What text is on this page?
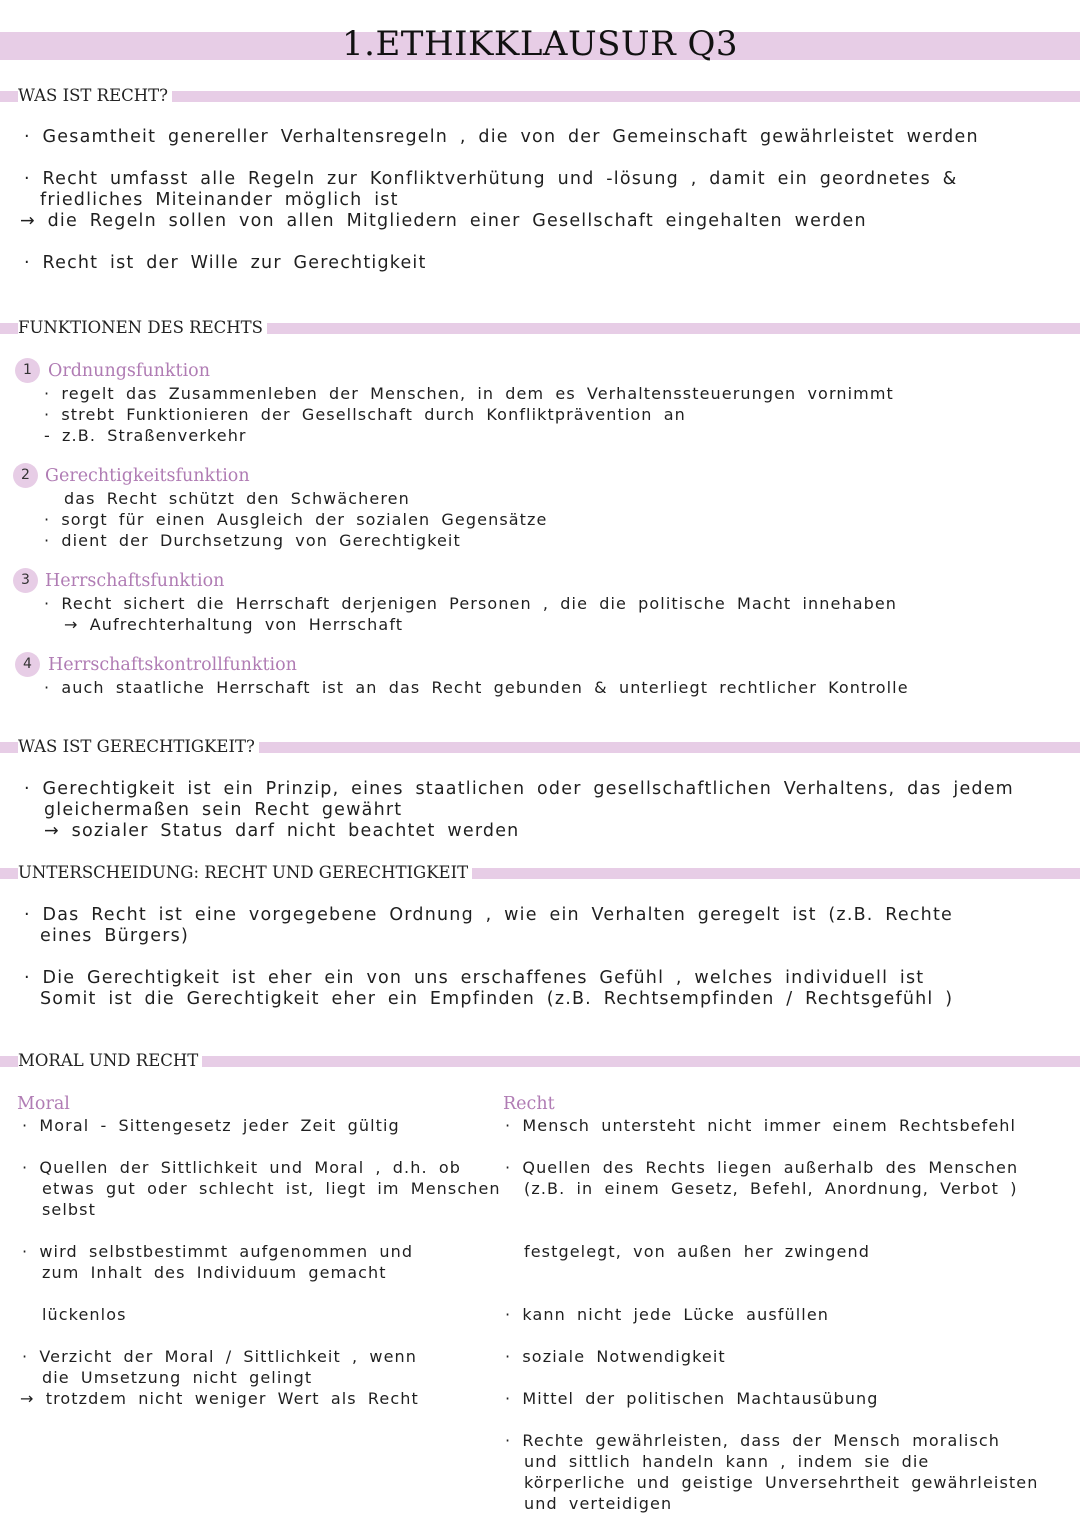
1.ETHIKKLAUSUR Q3
WAS IST RECHT?
· Gesamtheit genereller Verhaltensregeln , die von der Gemeinschaft gewährleistet werden
· Recht umfasst alle Regeln zur Konfliktverhütung und -lösung , damit ein geordnetes &
friedliches Miteinander möglich ist
→ die Regeln sollen von allen Mitgliedern einer Gesellschaft eingehalten werden
· Recht ist der Wille zur Gerechtigkeit
FUNKTIONEN DES RECHTS
1 Ordnungsfunktion
· regelt das Zusammenleben der Menschen, in dem es Verhaltenssteuerungen vornimmt
· strebt Funktionieren der Gesellschaft durch Konfliktprävention an
- z.B. Straßenverkehr
2 Gerechtigkeitsfunktion
das Recht schützt den Schwächeren
· sorgt für einen Ausgleich der sozialen Gegensätze
· dient der Durchsetzung von Gerechtigkeit
3 Herrschaftsfunktion
· Recht sichert die Herrschaft derjenigen Personen , die die politische Macht innehaben
→ Aufrechterhaltung von Herrschaft
4 Herrschaftskontrollfunktion
· auch staatliche Herrschaft ist an das Recht gebunden & unterliegt rechtlicher Kontrolle
WAS IST GERECHTIGKEIT?
· Gerechtigkeit ist ein Prinzip, eines staatlichen oder gesellschaftlichen Verhaltens, das jedem
gleichermaßen sein Recht gewährt
→ sozialer Status darf nicht beachtet werden
UNTERSCHEIDUNG: RECHT UND GERECHTIGKEIT
· Das Recht ist eine vorgegebene Ordnung , wie ein Verhalten geregelt ist (z.B. Rechte
eines Bürgers)
· Die Gerechtigkeit ist eher ein von uns erschaffenes Gefühl , welches individuell ist
Somit ist die Gerechtigkeit eher ein Empfinden (z.B. Rechtsempfinden / Rechtsgefühl )
MORAL UND RECHT
Moral	Recht
· Moral - Sittengesetz jeder Zeit gültig
· Quellen der Sittlichkeit und Moral , d.h. ob
etwas gut oder schlecht ist, liegt im Menschen
selbst
· wird selbstbestimmt aufgenommen und
zum Inhalt des Individuum gemacht
lückenlos
· Verzicht der Moral / Sittlichkeit , wenn
die Umsetzung nicht gelingt
→ trotzdem nicht weniger Wert als Recht
· Mensch untersteht nicht immer einem Rechtsbefehl
· Quellen des Rechts liegen außerhalb des Menschen
(z.B. in einem Gesetz, Befehl, Anordnung, Verbot )
festgelegt, von außen her zwingend
· kann nicht jede Lücke ausfüllen
· soziale Notwendigkeit
· Mittel der politischen Machtausübung
· Rechte gewährleisten, dass der Mensch moralisch
und sittlich handeln kann , indem sie die
körperliche und geistige Unversehrtheit gewährleisten
und verteidigen
